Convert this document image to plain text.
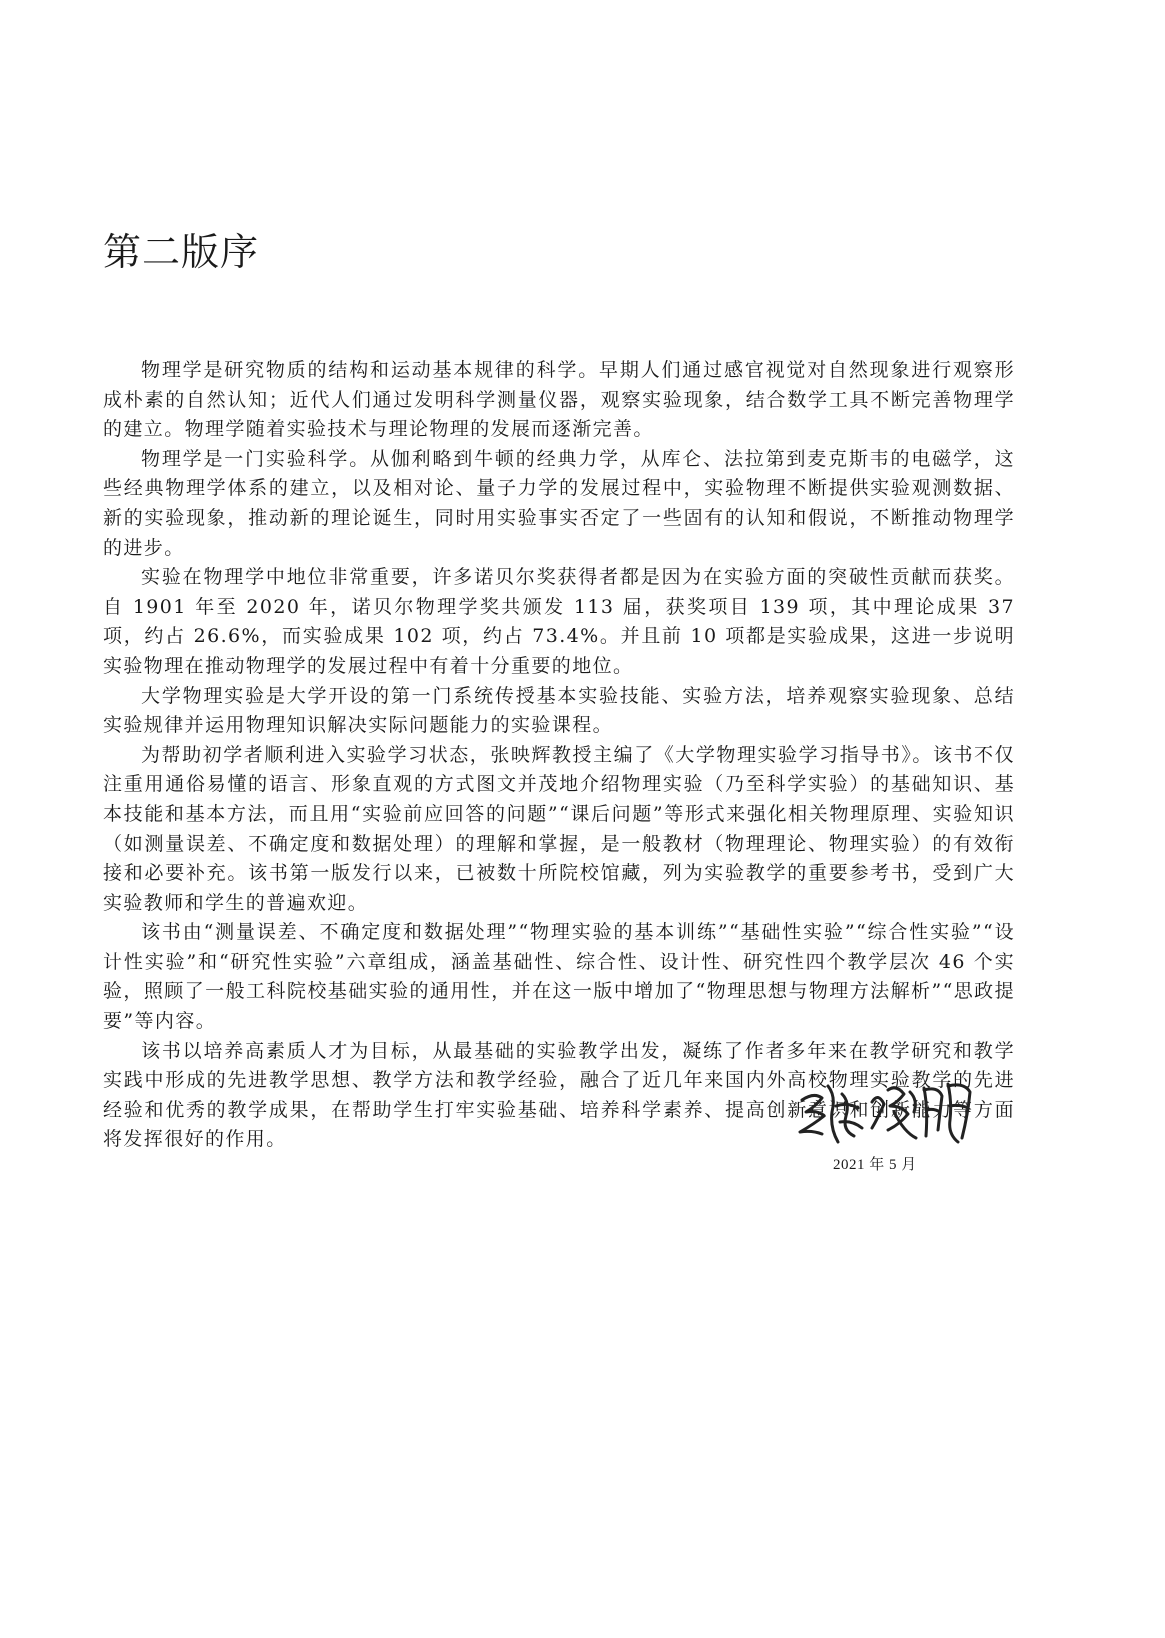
第二版序

物理学是研究物质的结构和运动基本规律的科学。早期人们通过感官视觉对自然现象进行观察形成朴素的自然认知；近代人们通过发明科学测量仪器，观察实验现象，结合数学工具不断完善物理学的建立。物理学随着实验技术与理论物理的发展而逐渐完善。

物理学是一门实验科学。从伽利略到牛顿的经典力学，从库仑、法拉第到麦克斯韦的电磁学，这些经典物理学体系的建立，以及相对论、量子力学的发展过程中，实验物理不断提供实验观测数据、新的实验现象，推动新的理论诞生，同时用实验事实否定了一些固有的认知和假说，不断推动物理学的进步。

实验在物理学中地位非常重要，许多诺贝尔奖获得者都是因为在实验方面的突破性贡献而获奖。自 1901 年至 2020 年，诺贝尔物理学奖共颁发 113 届，获奖项目 139 项，其中理论成果 37 项，约占 26.6%，而实验成果 102 项，约占 73.4%。并且前 10 项都是实验成果，这进一步说明实验物理在推动物理学的发展过程中有着十分重要的地位。

大学物理实验是大学开设的第一门系统传授基本实验技能、实验方法，培养观察实验现象、总结实验规律并运用物理知识解决实际问题能力的实验课程。

为帮助初学者顺利进入实验学习状态，张映辉教授主编了《大学物理实验学习指导书》。该书不仅注重用通俗易懂的语言、形象直观的方式图文并茂地介绍物理实验（乃至科学实验）的基础知识、基本技能和基本方法，而且用“实验前应回答的问题”“课后问题”等形式来强化相关物理原理、实验知识（如测量误差、不确定度和数据处理）的理解和掌握，是一般教材（物理理论、物理实验）的有效衔接和必要补充。该书第一版发行以来，已被数十所院校馆藏，列为实验教学的重要参考书，受到广大实验教师和学生的普遍欢迎。

该书由“测量误差、不确定度和数据处理”“物理实验的基本训练”“基础性实验”“综合性实验”“设计性实验”和“研究性实验”六章组成，涵盖基础性、综合性、设计性、研究性四个教学层次 46 个实验，照顾了一般工科院校基础实验的通用性，并在这一版中增加了“物理思想与物理方法解析”“思政提要”等内容。

该书以培养高素质人才为目标，从最基础的实验教学出发，凝练了作者多年来在教学研究和教学实践中形成的先进教学思想、教学方法和教学经验，融合了近几年来国内外高校物理实验教学的先进经验和优秀的教学成果，在帮助学生打牢实验基础、培养科学素养、提高创新意识和创新能力等方面将发挥很好的作用。

2021 年 5 月
